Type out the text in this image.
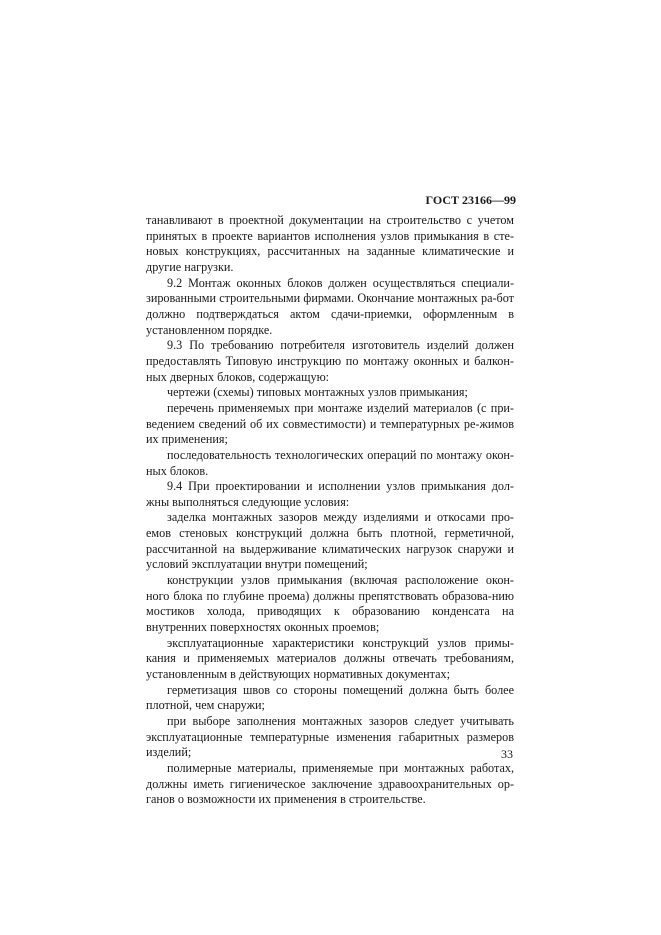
ГОСТ 23166—99

танавливают в проектной документации на строительство с учетом принятых в проекте вариантов исполнения узлов примыкания в сте-новых конструкциях, рассчитанных на заданные климатические и другие нагрузки.

9.2 Монтаж оконных блоков должен осуществляться специали-зированными строительными фирмами. Окончание монтажных ра-бот должно подтверждаться актом сдачи-приемки, оформленным в установленном порядке.

9.3 По требованию потребителя изготовитель изделий должен предоставлять Типовую инструкцию по монтажу оконных и балкон-ных дверных блоков, содержащую:

чертежи (схемы) типовых монтажных узлов примыкания;

перечень применяемых при монтаже изделий материалов (с при-ведением сведений об их совместимости) и температурных ре-жимов их применения;

последовательность технологических операций по монтажу окон-ных блоков.

9.4 При проектировании и исполнении узлов примыкания дол-жны выполняться следующие условия:

заделка монтажных зазоров между изделиями и откосами про-емов стеновых конструкций должна быть плотной, герметичной, рассчитанной на выдерживание климатических нагрузок снаружи и условий эксплуатации внутри помещений;

конструкции узлов примыкания (включая расположение окон-ного блока по глубине проема) должны препятствовать образова-нию мостиков холода, приводящих к образованию конденсата на внутренних поверхностях оконных проемов;

эксплуатационные характеристики конструкций узлов примы-кания и применяемых материалов должны отвечать требованиям, установленным в действующих нормативных документах;

герметизация швов со стороны помещений должна быть более плотной, чем снаружи;

при выборе заполнения монтажных зазоров следует учитывать эксплуатационные температурные изменения габаритных размеров изделий;

полимерные материалы, применяемые при монтажных работах, должны иметь гигиеническое заключение здравоохранительных ор-ганов о возможности их применения в строительстве.

33
